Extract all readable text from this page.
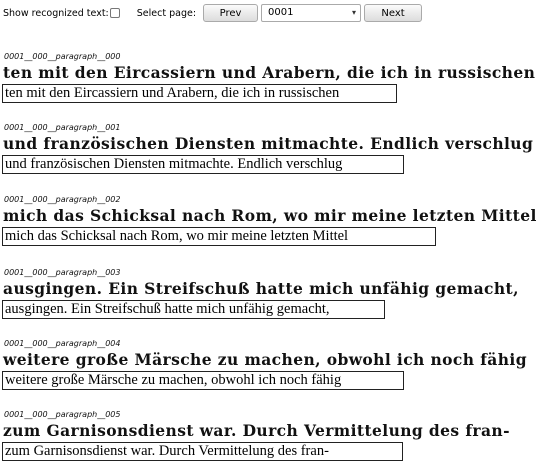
Show recognized text:	Select page:	Prev	0001	▾	Next
0001__000__paragraph__000
ten mit den Eircassiern und Arabern, die ich in russischen
ten mit den Eircassiern und Arabern, die ich in russischen
0001__000__paragraph__001
und französischen Diensten mitmachte. Endlich verschlug
und französischen Diensten mitmachte. Endlich verschlug
0001__000__paragraph__002
mich das Schicksal nach Rom, wo mir meine letzten Mittel
mich das Schicksal nach Rom, wo mir meine letzten Mittel
0001__000__paragraph__003
ausgingen. Ein Streifschuß hatte mich unfähig gemacht,
ausgingen. Ein Streifschuß hatte mich unfähig gemacht,
0001__000__paragraph__004
weitere große Märsche zu machen, obwohl ich noch fähig
weitere große Märsche zu machen, obwohl ich noch fähig
0001__000__paragraph__005
zum Garnisonsdienst war. Durch Vermittelung des fran-
zum Garnisonsdienst war. Durch Vermittelung des fran-
